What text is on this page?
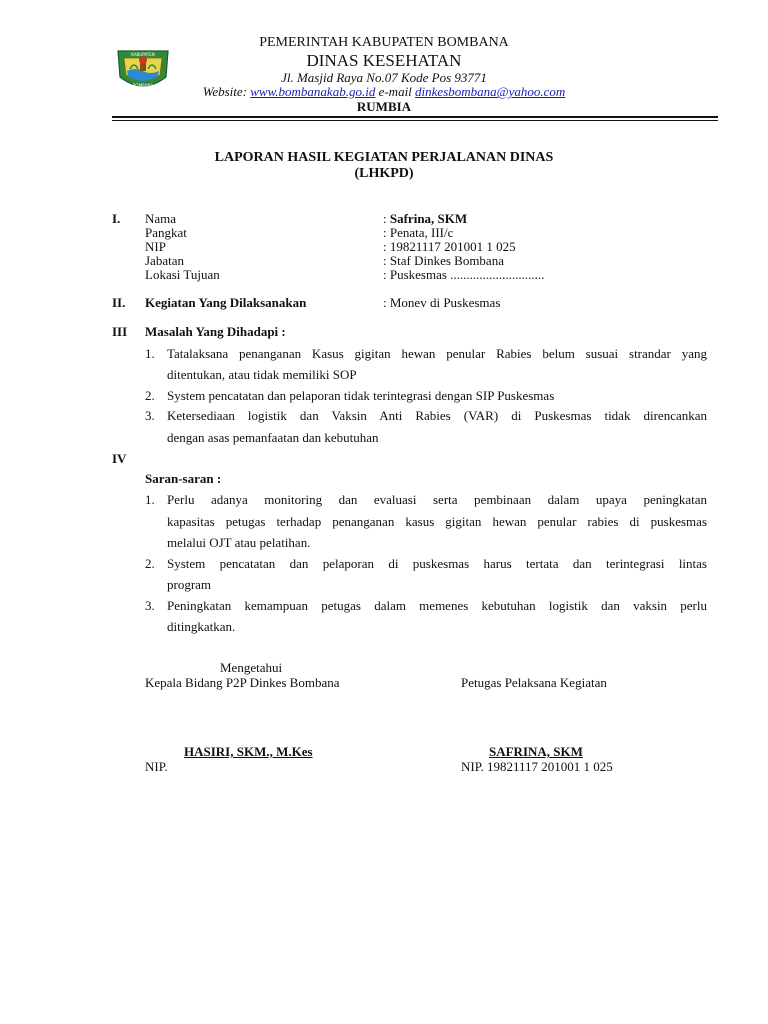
KABUPATEN
BOMBANA
PEMERINTAH KABUPATEN BOMBANA
DINAS KESEHATAN
Jl. Masjid Raya No.07 Kode Pos 93771
Website: www.bombanakab.go.id e-mail dinkesbombana@yahoo.com
RUMBIA
LAPORAN HASIL KEGIATAN PERJALANAN DINAS
(LHKPD)
I. Nama	: Safrina, SKM
Pangkat	: Penata, III/c
NIP	: 19821117 201001 1 025
Jabatan	: Staf Dinkes Bombana
Lokasi Tujuan	: Puskesmas .............................
II. Kegiatan Yang Dilaksanakan	: Monev di Puskesmas
III Masalah Yang Dihadapi :
1. Tatalaksana penanganan Kasus gigitan hewan penular Rabies belum susuai strandar yang
ditentukan, atau tidak memiliki SOP
2. System pencatatan dan pelaporan tidak terintegrasi dengan SIP Puskesmas
3. Ketersediaan logistik dan Vaksin Anti Rabies (VAR) di Puskesmas tidak direncankan
dengan asas pemanfaatan dan kebutuhan
IV
Saran-saran :
1. Perlu adanya monitoring dan evaluasi serta pembinaan dalam upaya peningkatan
kapasitas petugas terhadap penanganan kasus gigitan hewan penular rabies di puskesmas
melalui OJT atau pelatihan.
2. System pencatatan dan pelaporan di puskesmas harus tertata dan terintegrasi lintas
program
3. Peningkatan kemampuan petugas dalam memenes kebutuhan logistik dan vaksin perlu
ditingkatkan.
Mengetahui
Kepala Bidang P2P Dinkes Bombana	Petugas Pelaksana Kegiatan
HASIRI, SKM., M.Kes	SAFRINA, SKM
NIP.	NIP. 19821117 201001 1 025
